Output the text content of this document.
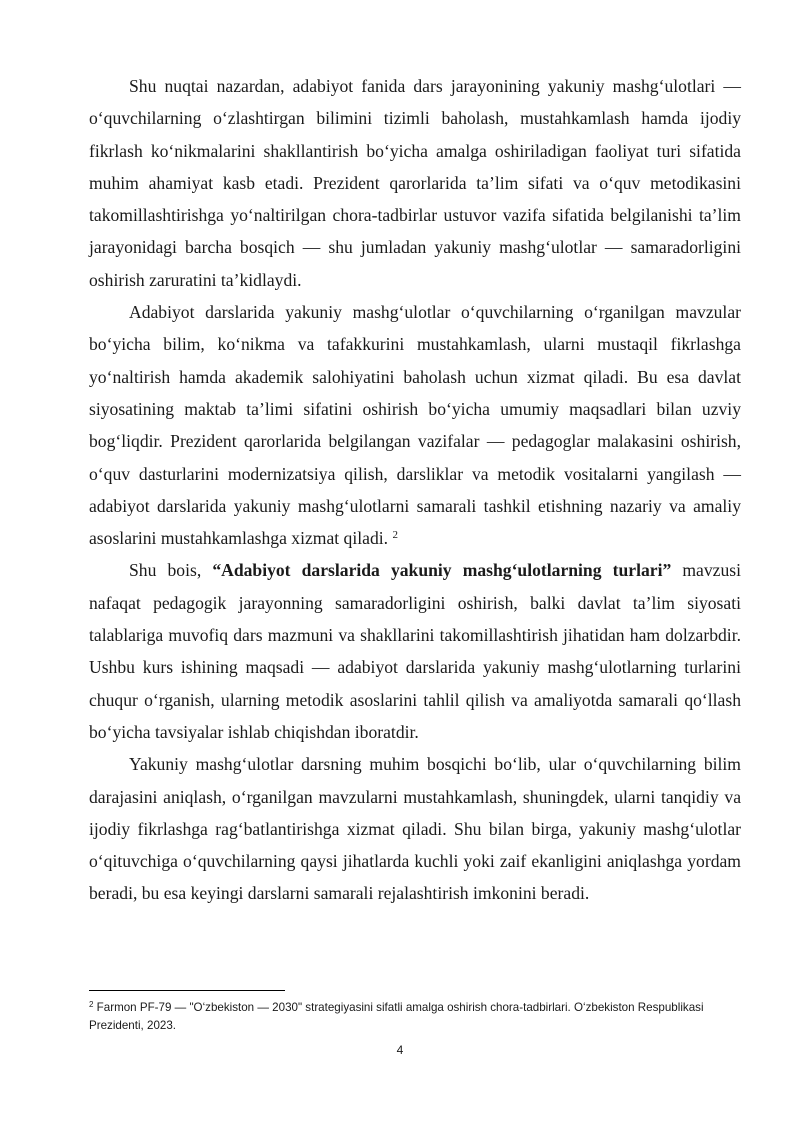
Shu nuqtai nazardan, adabiyot fanida dars jarayonining yakuniy mashg‘ulotlari — o‘quvchilarning o‘zlashtirgan bilimini tizimli baholash, mustahkamlash hamda ijodiy fikrlash ko‘nikmalarini shakllantirish bo‘yicha amalga oshiriladigan faoliyat turi sifatida muhim ahamiyat kasb etadi. Prezident qarorlarida ta’lim sifati va o‘quv metodikasini takomillashtirishga yo‘naltirilgan chora-tadbirlar ustuvor vazifa sifatida belgilanishi ta’lim jarayonidagi barcha bosqich — shu jumladan yakuniy mashg‘ulotlar — samaradorligini oshirish zaruratini ta’kidlaydi.

Adabiyot darslarida yakuniy mashg‘ulotlar o‘quvchilarning o‘rganilgan mavzular bo‘yicha bilim, ko‘nikma va tafakkurini mustahkamlash, ularni mustaqil fikrlashga yo‘naltirish hamda akademik salohiyatini baholash uchun xizmat qiladi. Bu esa davlat siyosatining maktab ta’limi sifatini oshirish bo‘yicha umumiy maqsadlari bilan uzviy bog‘liqdir. Prezident qarorlarida belgilangan vazifalar — pedagoglar malakasini oshirish, o‘quv dasturlarini modernizatsiya qilish, darsliklar va metodik vositalarni yangilash — adabiyot darslarida yakuniy mashg‘ulotlarni samarali tashkil etishning nazariy va amaliy asoslarini mustahkamlashga xizmat qiladi. $^2$

Shu bois, “Adabiyot darslarida yakuniy mashg‘ulotlarning turlari” mavzusi nafaqat pedagogik jarayonning samaradorligini oshirish, balki davlat ta’lim siyosati talablariga muvofiq dars mazmuni va shakllarini takomillashtirish jihatidan ham dolzarbdir. Ushbu kurs ishining maqsadi — adabiyot darslarida yakuniy mashg‘ulotlarning turlarini chuqur o‘rganish, ularning metodik asoslarini tahlil qilish va amaliyotda samarali qo‘llash bo‘yicha tavsiyalar ishlab chiqishdan iboratdir.

Yakuniy mashg‘ulotlar darsning muhim bosqichi bo‘lib, ular o‘quvchilarning bilim darajasini aniqlash, o‘rganilgan mavzularni mustahkamlash, shuningdek, ularni tanqidiy va ijodiy fikrlashga rag‘batlantirishga xizmat qiladi. Shu bilan birga, yakuniy mashg‘ulotlar o‘qituvchiga o‘quvchilarning qaysi jihatlarda kuchli yoki zaif ekanligini aniqlashga yordam beradi, bu esa keyingi darslarni samarali rejalashtirish imkonini beradi.

$^2$ Farmon PF-79 — "O‘zbekiston — 2030" strategiyasini sifatli amalga oshirish chora-tadbirlari. O‘zbekiston Respublikasi Prezidenti, 2023.
4
